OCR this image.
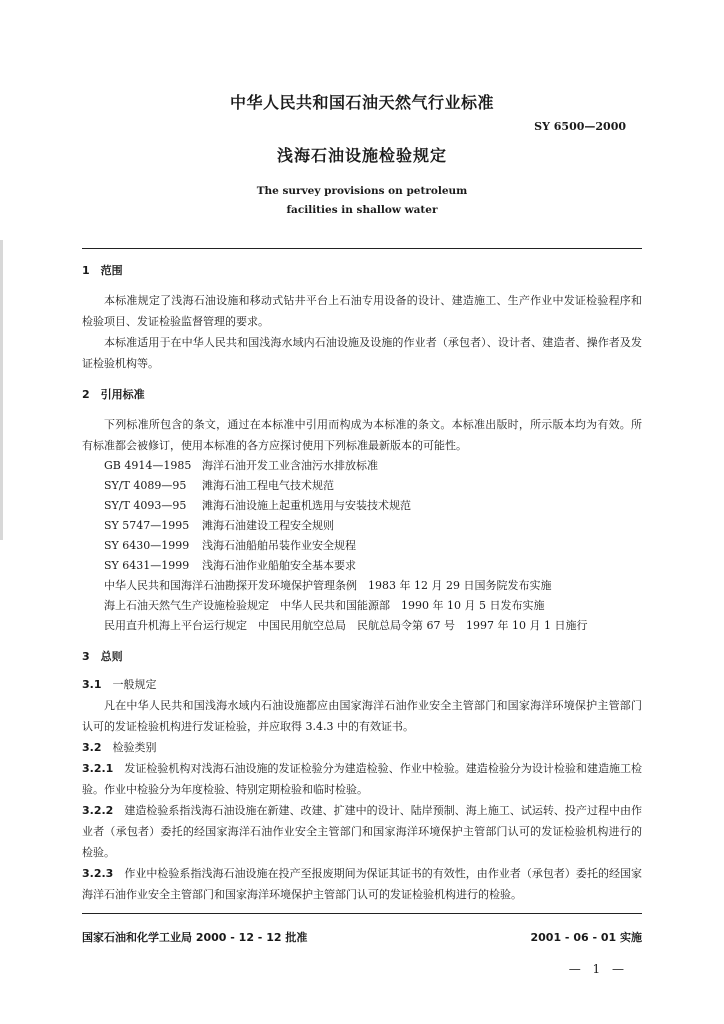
中华人民共和国石油天然气行业标准
SY 6500—2000
浅海石油设施检验规定
The survey provisions on petroleum
facilities in shallow water

1　范围

本标准规定了浅海石油设施和移动式钻井平台上石油专用设备的设计、建造施工、生产作业中发证检验程序和检验项目、发证检验监督管理的要求。

本标准适用于在中华人民共和国浅海水域内石油设施及设施的作业者（承包者）、设计者、建造者、操作者及发证检验机构等。

2　引用标准

下列标准所包含的条文，通过在本标准中引用而构成为本标准的条文。本标准出版时，所示版本均为有效。所有标准都会被修订，使用本标准的各方应探讨使用下列标准最新版本的可能性。

GB 4914—1985 海洋石油开发工业含油污水排放标准

SY/T 4089—95 滩海石油工程电气技术规范

SY/T 4093—95 滩海石油设施上起重机选用与安装技术规范

SY 5747—1995 滩海石油建设工程安全规则

SY 6430—1999 浅海石油船舶吊装作业安全规程

SY 6431—1999 浅海石油作业船舶安全基本要求

中华人民共和国海洋石油勘探开发环境保护管理条例　1983 年 12 月 29 日国务院发布实施

海上石油天然气生产设施检验规定　中华人民共和国能源部　1990 年 10 月 5 日发布实施

民用直升机海上平台运行规定　中国民用航空总局　民航总局令第 67 号　1997 年 10 月 1 日施行

3　总则

3.1　 一般规定

凡在中华人民共和国浅海水域内石油设施都应由国家海洋石油作业安全主管部门和国家海洋环境保护主管部门认可的发证检验机构进行发证检验，并应取得 3.4.3 中的有效证书。

3.2　 检验类别

3.2.1　 发证检验机构对浅海石油设施的发证检验分为建造检验、作业中检验。建造检验分为设计检验和建造施工检验。作业中检验分为年度检验、特别定期检验和临时检验。

3.2.2　 建造检验系指浅海石油设施在新建、改建、扩建中的设计、陆岸预制、海上施工、试运转、投产过程中由作业者（承包者）委托的经国家海洋石油作业安全主管部门和国家海洋环境保护主管部门认可的发证检验机构进行的检验。

3.2.3　 作业中检验系指浅海石油设施在投产至报废期间为保证其证书的有效性，由作业者（承包者）委托的经国家海洋石油作业安全主管部门和国家海洋环境保护主管部门认可的发证检验机构进行的检验。

国家石油和化学工业局 2000 - 12 - 12 批准	2001 - 06 - 01 实施
— 1 —
